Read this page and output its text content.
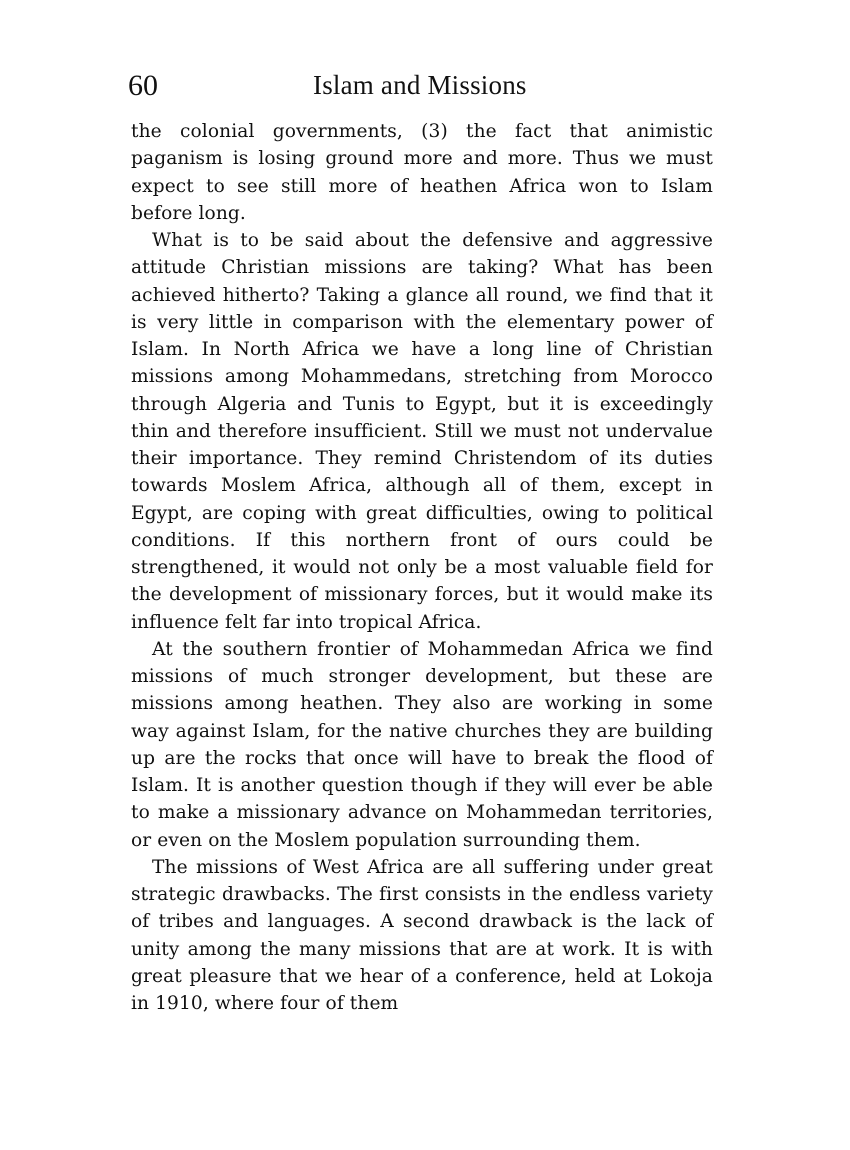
60	Islam and Missions

the colonial governments, (3) the fact that animistic paganism is losing ground more and more. Thus we must expect to see still more of heathen Africa won to Islam before long.

What is to be said about the defensive and aggressive attitude Christian missions are taking? What has been achieved hitherto? Taking a glance all round, we find that it is very little in comparison with the elementary power of Islam. In North Africa we have a long line of Christian missions among Mohammedans, stretching from Morocco through Algeria and Tunis to Egypt, but it is exceedingly thin and therefore insufficient. Still we must not undervalue their importance. They remind Christendom of its duties towards Moslem Africa, although all of them, except in Egypt, are coping with great difficulties, owing to political conditions. If this northern front of ours could be strengthened, it would not only be a most valuable field for the development of missionary forces, but it would make its influence felt far into tropical Africa.

At the southern frontier of Mohammedan Africa we find missions of much stronger development, but these are missions among heathen. They also are working in some way against Islam, for the native churches they are building up are the rocks that once will have to break the flood of Islam. It is another question though if they will ever be able to make a missionary advance on Mohammedan territories, or even on the Moslem population surrounding them.

The missions of West Africa are all suffering under great strategic drawbacks. The first consists in the endless variety of tribes and languages. A second drawback is the lack of unity among the many missions that are at work. It is with great pleasure that we hear of a conference, held at Lokoja in 1910, where four of them
